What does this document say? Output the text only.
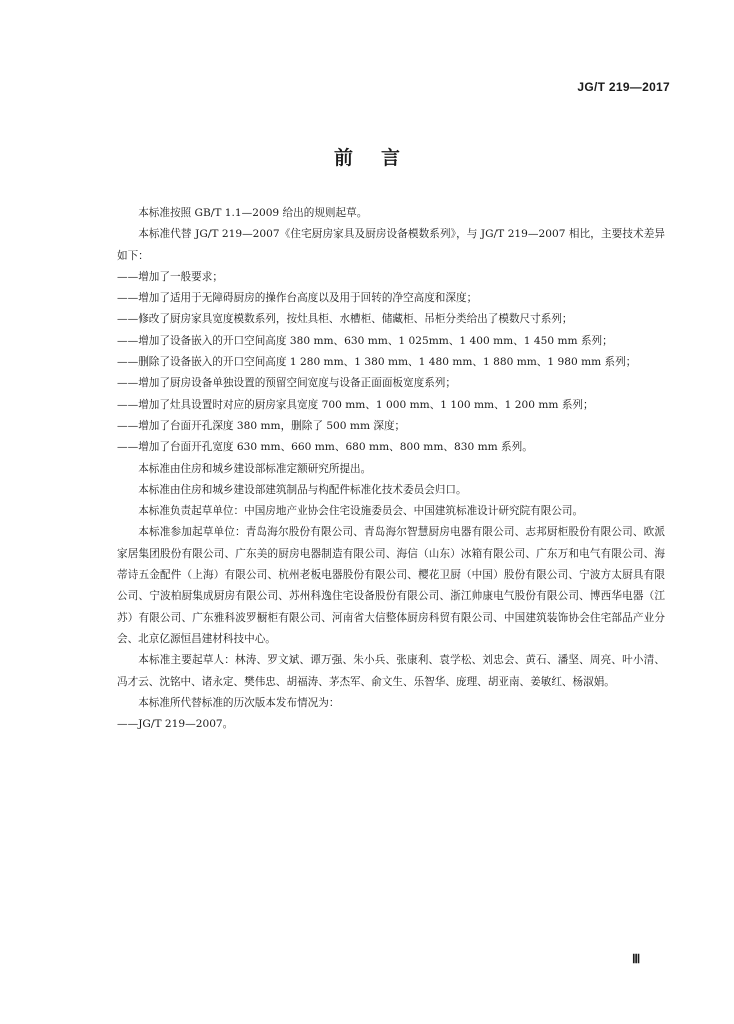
JG/T 219—2017
前言

本标准按照 GB/T 1.1—2009 给出的规则起草。

本标准代替 JG/T 219—2007《住宅厨房家具及厨房设备模数系列》，与 JG/T 219—2007 相比，主要技术差异如下：

——增加了一般要求；

——增加了适用于无障碍厨房的操作台高度以及用于回转的净空高度和深度；

——修改了厨房家具宽度模数系列，按灶具柜、水槽柜、储藏柜、吊柜分类给出了模数尺寸系列；

——增加了设备嵌入的开口空间高度 380 mm、630 mm、1 025mm、1 400 mm、1 450 mm 系列；

——删除了设备嵌入的开口空间高度 1 280 mm、1 380 mm、1 480 mm、1 880 mm、1 980 mm 系列；

——增加了厨房设备单独设置的预留空间宽度与设备正面面板宽度系列；

——增加了灶具设置时对应的厨房家具宽度 700 mm、1 000 mm、1 100 mm、1 200 mm 系列；

——增加了台面开孔深度 380 mm，删除了 500 mm 深度；

——增加了台面开孔宽度 630 mm、660 mm、680 mm、800 mm、830 mm 系列。

本标准由住房和城乡建设部标准定额研究所提出。

本标准由住房和城乡建设部建筑制品与构配件标准化技术委员会归口。

本标准负责起草单位：中国房地产业协会住宅设施委员会、中国建筑标准设计研究院有限公司。

本标准参加起草单位：青岛海尔股份有限公司、青岛海尔智慧厨房电器有限公司、志邦厨柜股份有限公司、欧派家居集团股份有限公司、广东美的厨房电器制造有限公司、海信（山东）冰箱有限公司、广东万和电气有限公司、海蒂诗五金配件（上海）有限公司、杭州老板电器股份有限公司、樱花卫厨（中国）股份有限公司、宁波方太厨具有限公司、宁波柏厨集成厨房有限公司、苏州科逸住宅设备股份有限公司、浙江帅康电气股份有限公司、博西华电器（江苏）有限公司、广东雅科波罗橱柜有限公司、河南省大信整体厨房科贸有限公司、中国建筑装饰协会住宅部品产业分会、北京亿源恒昌建材科技中心。

本标准主要起草人：林涛、罗文斌、谭万强、朱小兵、张康利、袁学松、刘忠会、黄石、潘坚、周亮、叶小清、冯才云、沈铭中、诸永定、樊伟忠、胡福涛、茅杰军、俞文生、乐智华、庞理、胡亚南、姜敏红、杨淑娟。

本标准所代替标准的历次版本发布情况为：

——JG/T 219—2007。

Ⅲ
